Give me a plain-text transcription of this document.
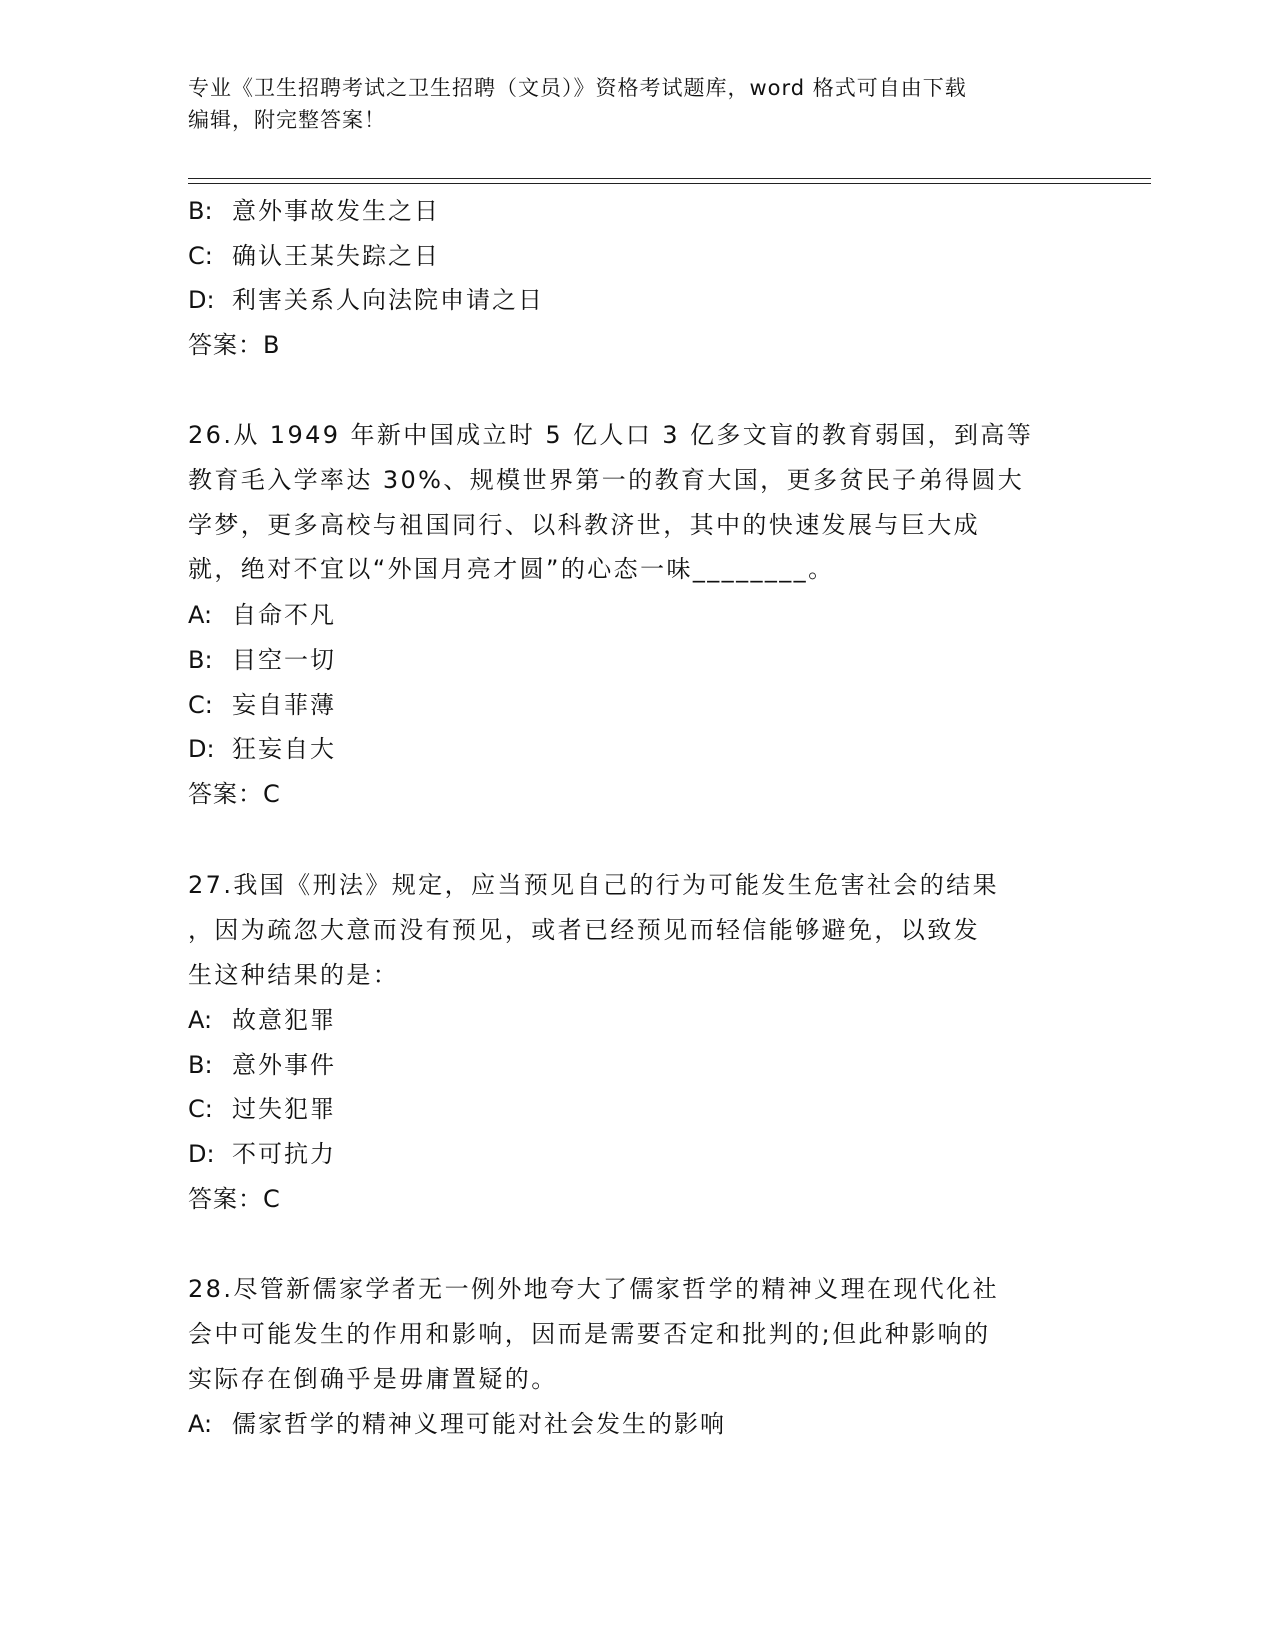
专业《卫生招聘考试之卫生招聘（文员）》资格考试题库，word 格式可自由下载
编辑，附完整答案！
B: 意外事故发生之日
C: 确认王某失踪之日
D: 利害关系人向法院申请之日
答案：B
26.从 1949 年新中国成立时 5 亿人口 3 亿多文盲的教育弱国，到高等
教育毛入学率达 30%、规模世界第一的教育大国，更多贫民子弟得圆大
学梦，更多高校与祖国同行、以科教济世，其中的快速发展与巨大成
就，绝对不宜以“外国月亮才圆”的心态一味________。
A: 自命不凡
B: 目空一切
C: 妄自菲薄
D: 狂妄自大
答案：C
27.我国《刑法》规定，应当预见自己的行为可能发生危害社会的结果
，因为疏忽大意而没有预见，或者已经预见而轻信能够避免，以致发
生这种结果的是：
A: 故意犯罪
B: 意外事件
C: 过失犯罪
D: 不可抗力
答案：C
28.尽管新儒家学者无一例外地夸大了儒家哲学的精神义理在现代化社
会中可能发生的作用和影响，因而是需要否定和批判的;但此种影响的
实际存在倒确乎是毋庸置疑的。
A: 儒家哲学的精神义理可能对社会发生的影响
